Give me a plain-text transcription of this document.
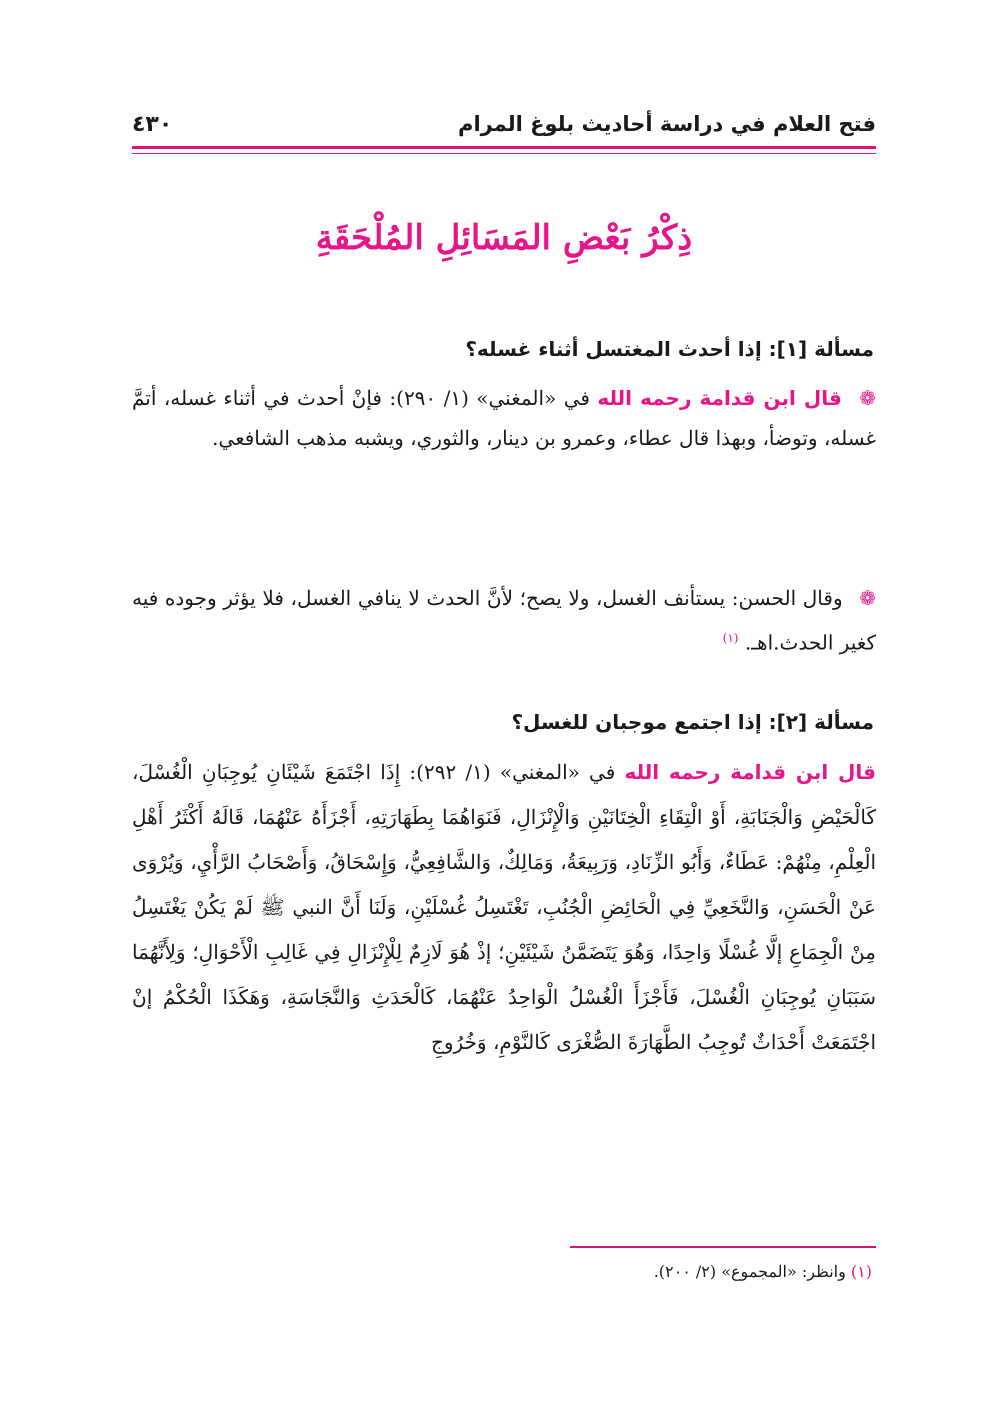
فتح العلام في دراسة أحاديث بلوغ المرام
٤٣٠
ذِكْرُ بَعْضِ المَسَائِلِ المُلْحَقَةِ
مسألة [١]: إذا أحدث المغتسل أثناء غسله؟

❁ قال ابن قدامة رحمه الله في «المغني» (١/ ٢٩٠): فإنْ أحدث في أثناء غسله، أتمَّ غسله، وتوضأ، وبهذا قال عطاء، وعمرو بن دينار، والثوري، ويشبه مذهب الشافعي.

❁ وقال الحسن: يستأنف الغسل، ولا يصح؛ لأنَّ الحدث لا ينافي الغسل، فلا يؤثر وجوده فيه كغير الحدث.اهـ. $^{(١)}$

مسألة [٢]: إذا اجتمع موجبان للغسل؟

قال ابن قدامة رحمه الله في «المغني» (١/ ٢٩٢): إِذَا اجْتَمَعَ شَيْئَانِ يُوجِبَانِ الْغُسْلَ، كَالْحَيْضِ وَالْجَنَابَةِ، أَوْ الْتِقَاءِ الْخِتَانَيْنِ وَالْإِنْزَالِ، فَنَوَاهُمَا بِطَهَارَتِهِ، أَجْزَأَهُ عَنْهُمَا، قَالَهُ أَكْثَرُ أَهْلِ الْعِلْمِ، مِنْهُمْ: عَطَاءٌ، وَأَبُو الزِّنَادِ، وَرَبِيعَةُ، وَمَالِكٌ، وَالشَّافِعِيُّ، وَإِسْحَاقُ، وَأَصْحَابُ الرَّأْيِ، وَيُرْوَى عَنْ الْحَسَنِ، وَالنَّخَعِيِّ فِي الْحَائِضِ الْجُنُبِ، تَغْتَسِلُ غُسْلَيْنِ، وَلَنَا أَنَّ النبي ﷺ لَمْ يَكُنْ يَغْتَسِلُ مِنْ الْجِمَاعِ إلَّا غُسْلًا وَاحِدًا، وَهُوَ يَتَضَمَّنُ شَيْئَيْنِ؛ إذْ هُوَ لَازِمٌ لِلْإِنْزَالِ فِي غَالِبِ الْأَحْوَالِ؛ وَلِأَنَّهُمَا سَبَبَانِ يُوجِبَانِ الْغُسْلَ، فَأَجْزَأَ الْغُسْلُ الْوَاحِدُ عَنْهُمَا، كَالْحَدَثِ وَالنَّجَاسَةِ، وَهَكَذَا الْحُكْمُ إنْ اجْتَمَعَتْ أَحْدَاثٌ تُوجِبُ الطَّهَارَةَ الصُّغْرَى كَالنَّوْمِ، وَخُرُوجِ

(١) وانظر: «المجموع» (٢/ ٢٠٠).
